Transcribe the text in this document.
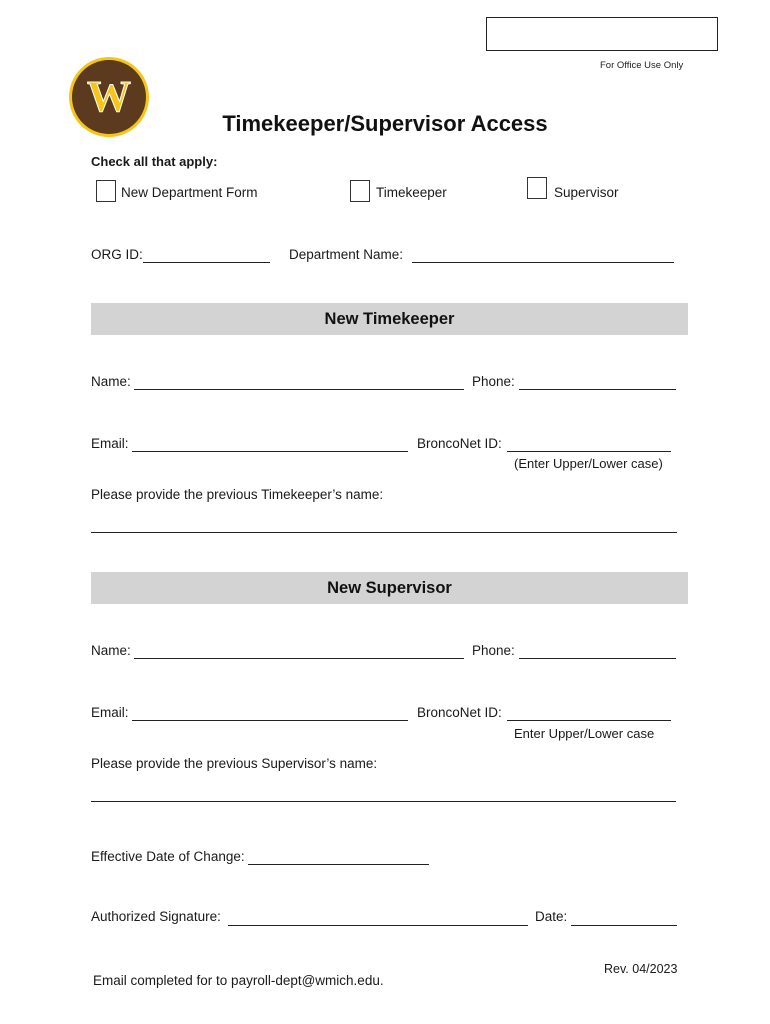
For Office Use Only
W
Timekeeper/Supervisor Access
Check all that apply:
New Department Form	Timekeeper	Supervisor
ORG ID:	Department Name:
New Timekeeper
Name:	Phone:
Email:	BroncoNet ID:
(Enter Upper/Lower case)
Please provide the previous Timekeeper’s name:
New Supervisor
Name:	Phone:
Email:	BroncoNet ID:
Enter Upper/Lower case
Please provide the previous Supervisor’s name:
Effective Date of Change:
Authorized Signature:	Date:
Rev. 04/2023
Email completed for to payroll-dept@wmich.edu.
